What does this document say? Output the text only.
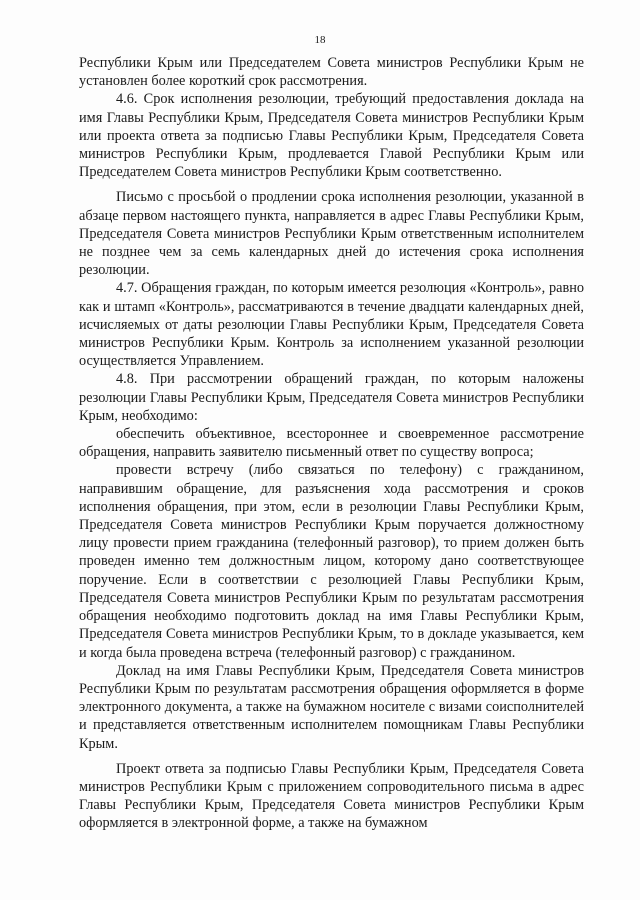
18

Республики Крым или Председателем Совета министров Республики Крым не установлен более короткий срок рассмотрения.

4.6. Срок исполнения резолюции, требующий предоставления доклада на имя Главы Республики Крым, Председателя Совета министров Республики Крым или проекта ответа за подписью Главы Республики Крым, Председателя Совета министров Республики Крым, продлевается Главой Республики Крым или Председателем Совета министров Республики Крым соответственно.

Письмо с просьбой о продлении срока исполнения резолюции, указанной в абзаце первом настоящего пункта, направляется в адрес Главы Республики Крым, Председателя Совета министров Республики Крым ответственным исполнителем не позднее чем за семь календарных дней до истечения срока исполнения резолюции.

4.7. Обращения граждан, по которым имеется резолюция «Контроль», равно как и штамп «Контроль», рассматриваются в течение двадцати календарных дней, исчисляемых от даты резолюции Главы Республики Крым, Председателя Совета министров Республики Крым. Контроль за исполнением указанной резолюции осуществляется Управлением.

4.8. При рассмотрении обращений граждан, по которым наложены резолюции Главы Республики Крым, Председателя Совета министров Республики Крым, необходимо:

обеспечить объективное, всестороннее и своевременное рассмотрение обращения, направить заявителю письменный ответ по существу вопроса;

провести встречу (либо связаться по телефону) с гражданином, направившим обращение, для разъяснения хода рассмотрения и сроков исполнения обращения, при этом, если в резолюции Главы Республики Крым, Председателя Совета министров Республики Крым поручается должностному лицу провести прием гражданина (телефонный разговор), то прием должен быть проведен именно тем должностным лицом, которому дано соответствующее поручение. Если в соответствии с резолюцией Главы Республики Крым, Председателя Совета министров Республики Крым по результатам рассмотрения обращения необходимо подготовить доклад на имя Главы Республики Крым, Председателя Совета министров Республики Крым, то в докладе указывается, кем и когда была проведена встреча (телефонный разговор) с гражданином.

Доклад на имя Главы Республики Крым, Председателя Совета министров Республики Крым по результатам рассмотрения обращения оформляется в форме электронного документа, а также на бумажном носителе с визами соисполнителей и представляется ответственным исполнителем помощникам Главы Республики Крым.

Проект ответа за подписью Главы Республики Крым, Председателя Совета министров Республики Крым с приложением сопроводительного письма в адрес Главы Республики Крым, Председателя Совета министров Республики Крым оформляется в электронной форме, а также на бумажном
